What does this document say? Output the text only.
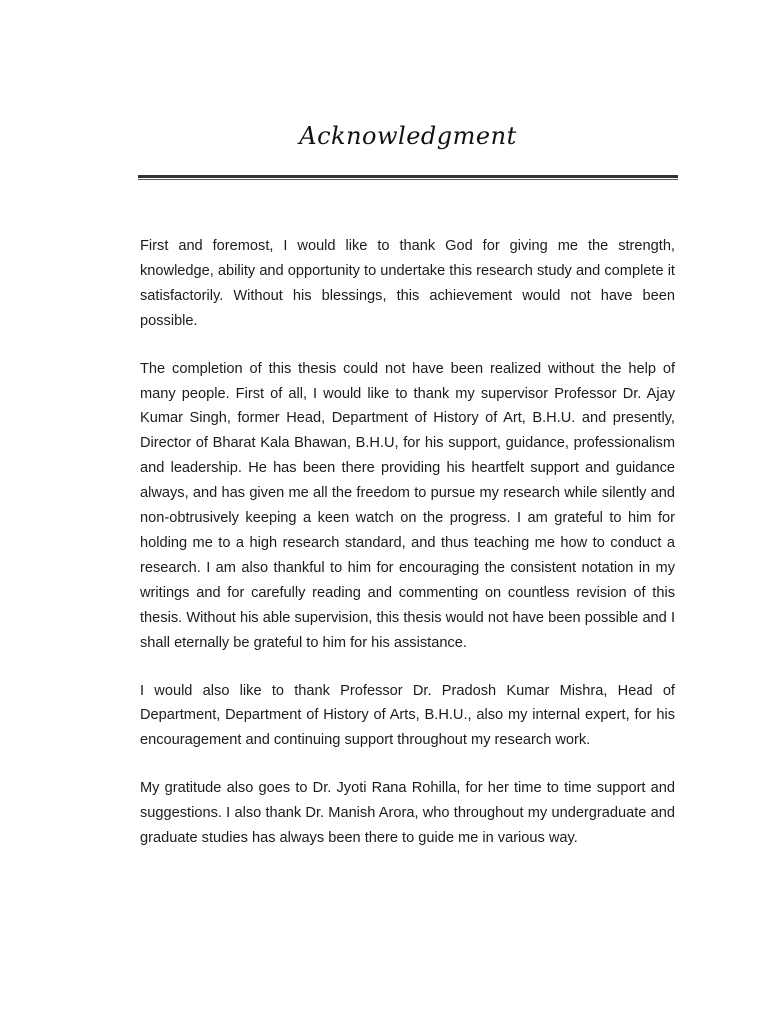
Acknowledgment

First and foremost, I would like to thank God for giving me the strength, knowledge, ability and opportunity to undertake this research study and complete it satisfactorily. Without his blessings, this achievement would not have been possible.

The completion of this thesis could not have been realized without the help of many people. First of all, I would like to thank my supervisor Professor Dr. Ajay Kumar Singh, former Head, Department of History of Art, B.H.U. and presently, Director of Bharat Kala Bhawan, B.H.U, for his support, guidance, professionalism and leadership. He has been there providing his heartfelt support and guidance always, and has given me all the freedom to pursue my research while silently and non-obtrusively keeping a keen watch on the progress. I am grateful to him for holding me to a high research standard, and thus teaching me how to conduct a research. I am also thankful to him for encouraging the consistent notation in my writings and for carefully reading and commenting on countless revision of this thesis. Without his able supervision, this thesis would not have been possible and I shall eternally be grateful to him for his assistance.

I would also like to thank Professor Dr. Pradosh Kumar Mishra, Head of Department, Department of History of Arts, B.H.U., also my internal expert, for his encouragement and continuing support throughout my research work.

My gratitude also goes to Dr. Jyoti Rana Rohilla, for her time to time support and suggestions. I also thank Dr. Manish Arora, who throughout my undergraduate and graduate studies has always been there to guide me in various way.
